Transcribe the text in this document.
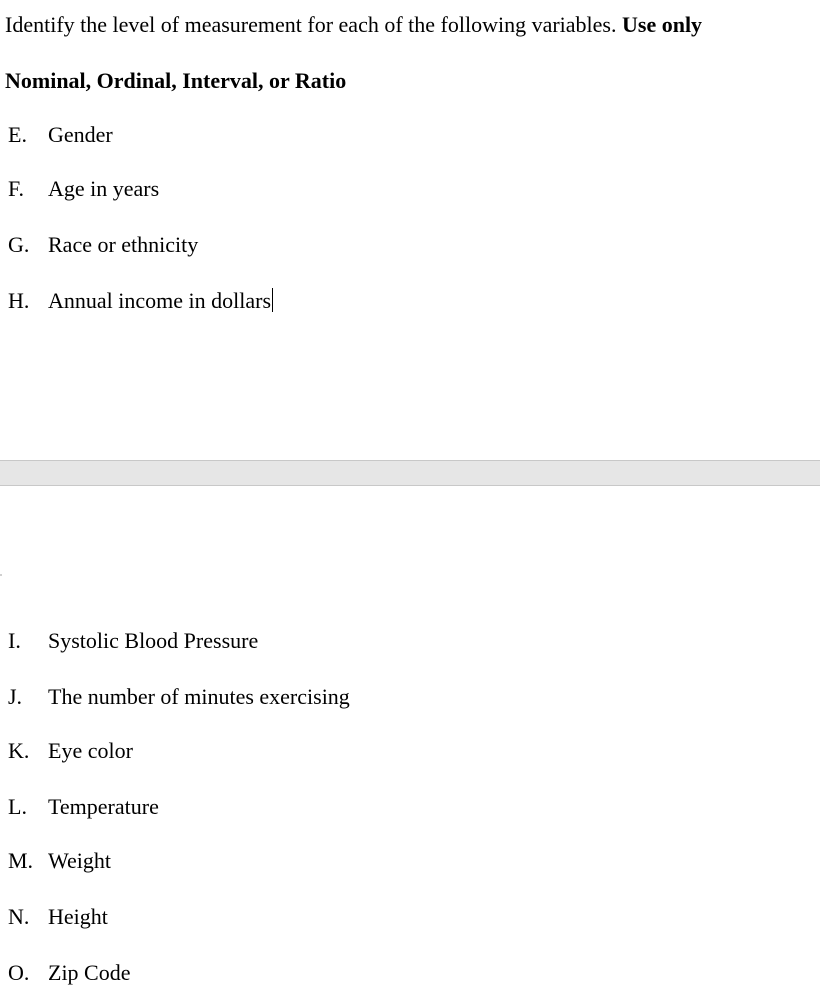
Identify the level of measurement for each of the following variables. Use only
Nominal, Ordinal, Interval, or Ratio
E. Gender
F. Age in years
G. Race or ethnicity
H. Annual income in dollars
I. Systolic Blood Pressure
J. The number of minutes exercising
K. Eye color
L. Temperature
M. Weight
N. Height
O. Zip Code
